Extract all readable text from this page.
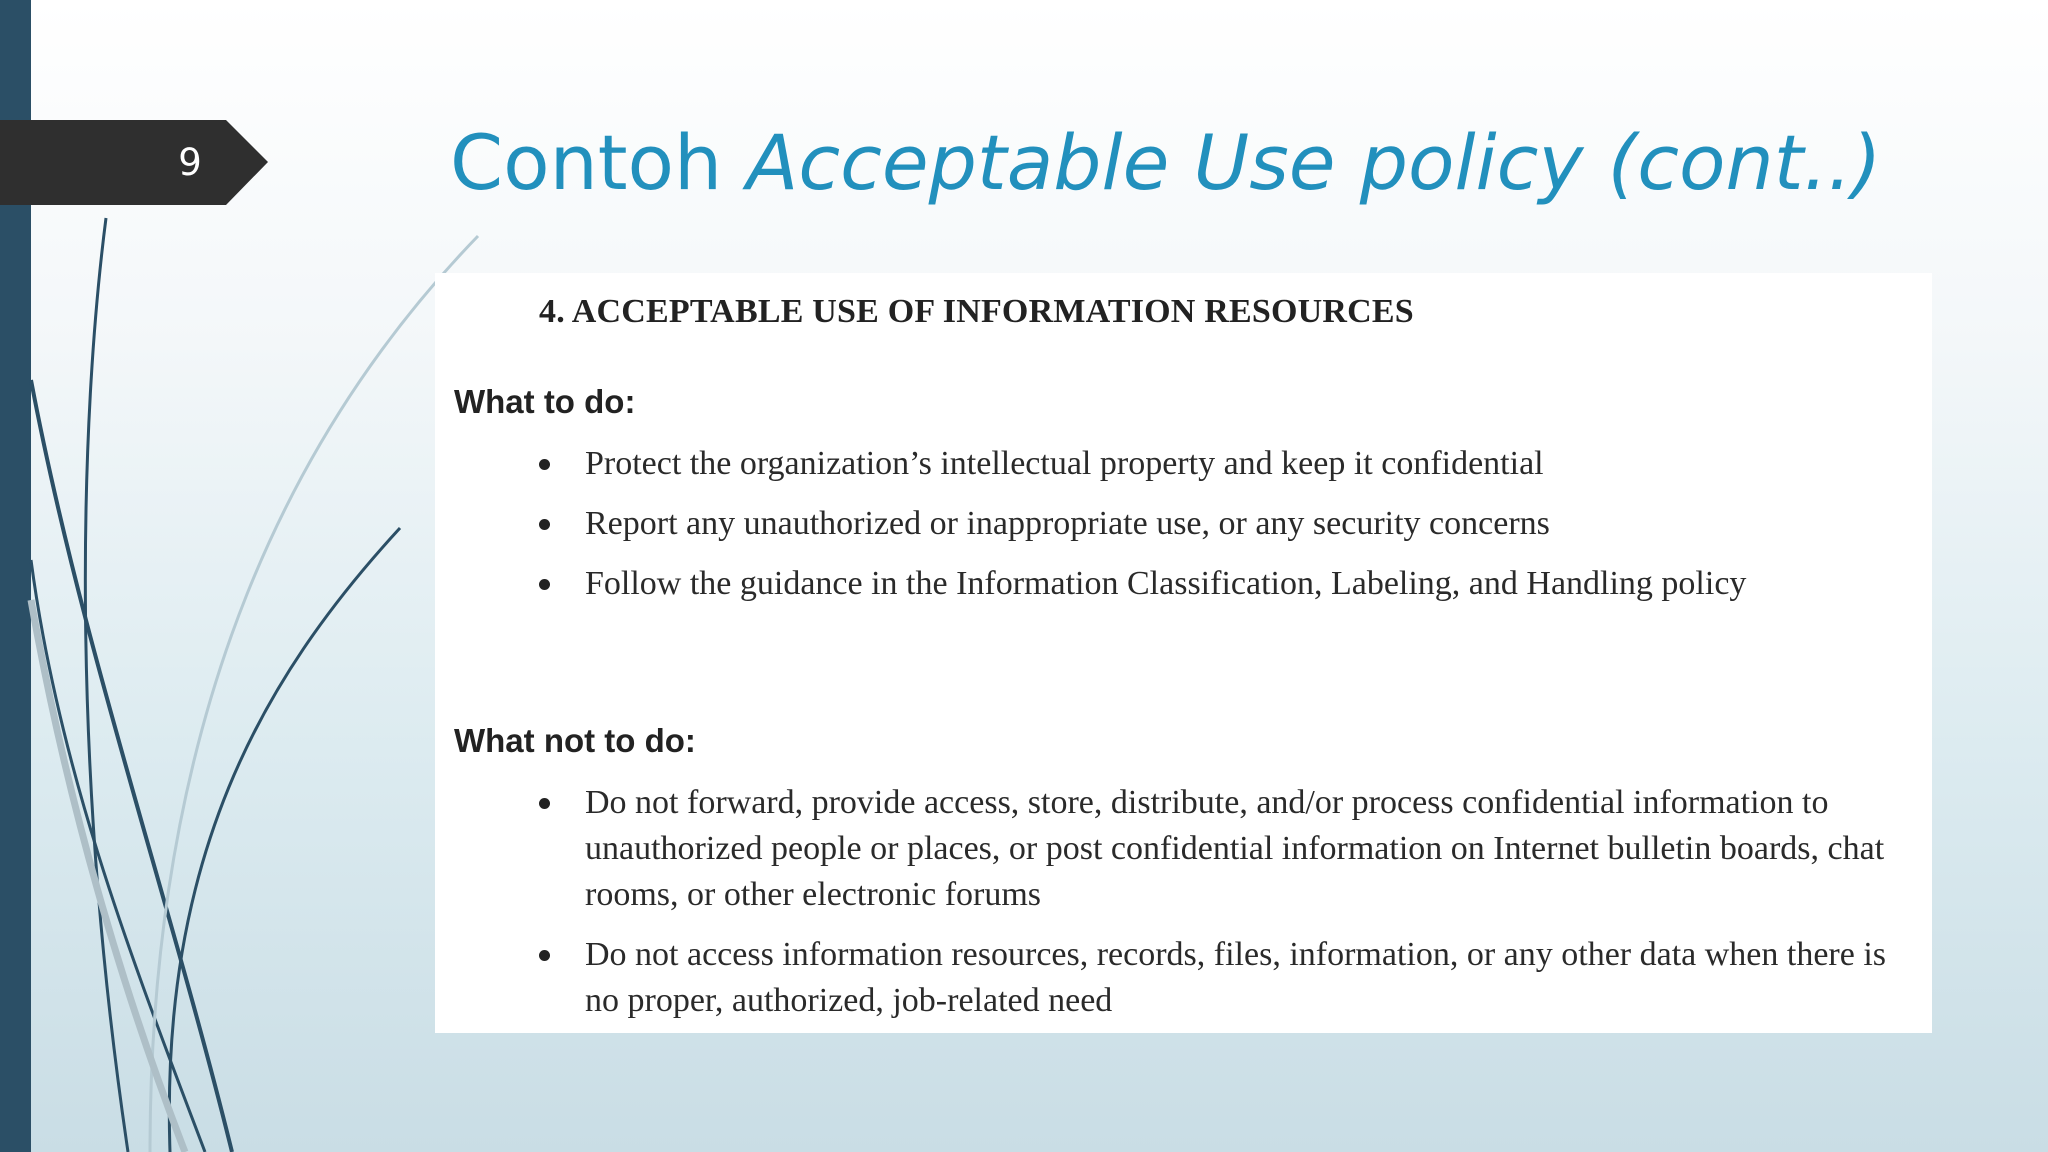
9	Contoh Acceptable Use policy (cont..)
4. ACCEPTABLE USE OF INFORMATION RESOURCES
What to do:
Protect the organization’s intellectual property and keep it confidential
Report any unauthorized or inappropriate use, or any security concerns
Follow the guidance in the Information Classification, Labeling, and Handling policy
What not to do:
Do not forward, provide access, store, distribute, and/or process confidential information to unauthorized people or places, or post confidential information on Internet bulletin boards, chat rooms, or other electronic forums
Do not access information resources, records, files, information, or any other data when there is no proper, authorized, job-related need
